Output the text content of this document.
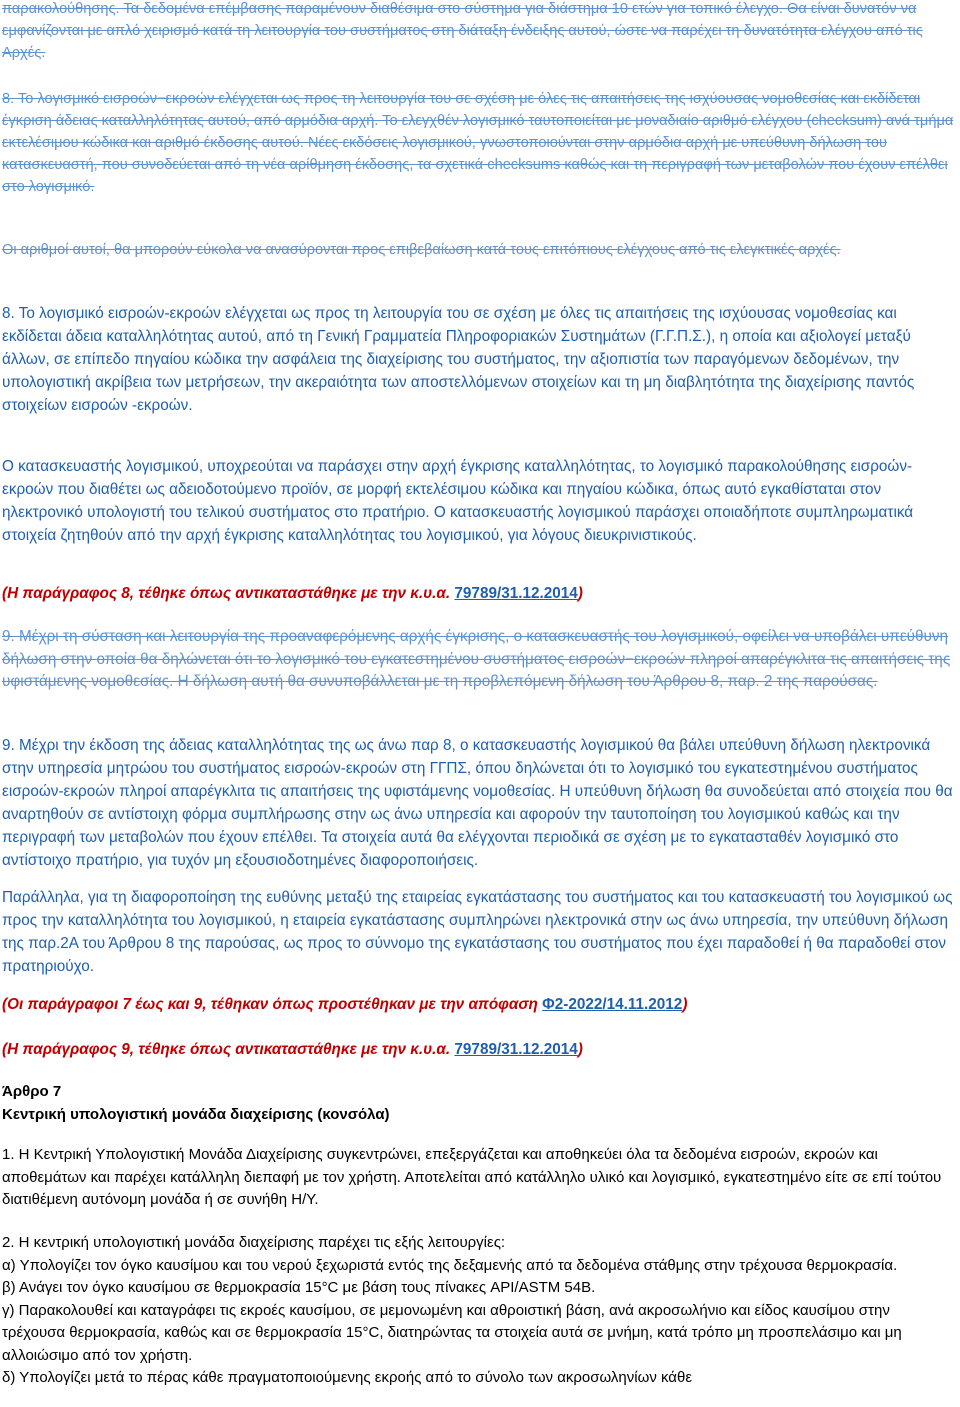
παρακολούθησης. Τα δεδομένα επέμβασης παραμένουν διαθέσιμα στο σύστημα για διάστημα 10 ετών για τοπικό έλεγχο. Θα είναι δυνατόν να εμφανίζονται με απλό χειρισμό κατά τη λειτουργία του συστήματος στη διάταξη ένδειξης αυτού, ώστε να παρέχει τη δυνατότητα ελέγχου από τις Αρχές.

8. Το λογισμικό εισροών−εκροών ελέγχεται ως προς τη λειτουργία του σε σχέση με όλες τις απαιτήσεις της ισχύουσας νομοθεσίας και εκδίδεται έγκριση άδειας καταλληλότητας αυτού, από αρμόδια αρχή. Το ελεγχθέν λογισμικό ταυτοποιείται με μοναδιαίο αριθμό ελέγχου (checksum) ανά τμήμα εκτελέσιμου κώδικα και αριθμό έκδοσης αυτού. Νέες εκδόσεις λογισμικού, γνωστοποιούνται στην αρμόδια αρχή με υπεύθυνη δήλωση του κατασκευαστή, που συνοδεύεται από τη νέα αρίθμηση έκδοσης, τα σχετικά checksums καθώς και τη περιγραφή των μεταβολών που έχουν επέλθει στο λογισμικό.

Οι αριθμοί αυτοί, θα μπορούν εύκολα να ανασύρονται προς επιβεβαίωση κατά τους επιτόπιους ελέγχους από τις ελεγκτικές αρχές.

8. Το λογισμικό εισροών-εκροών ελέγχεται ως προς τη λειτουργία του σε σχέση με όλες τις απαιτήσεις της ισχύουσας νομοθεσίας και εκδίδεται άδεια καταλληλότητας αυτού, από τη Γενική Γραμματεία Πληροφοριακών Συστημάτων (Γ.Γ.Π.Σ.), η οποία και αξιολογεί μεταξύ άλλων, σε επίπεδο πηγαίου κώδικα την ασφάλεια της διαχείρισης του συστήματος, την αξιοπιστία των παραγόμενων δεδομένων, την υπολογιστική ακρίβεια των μετρήσεων, την ακεραιότητα των αποστελλόμενων στοιχείων και τη μη διαβλητότητα της διαχείρισης παντός στοιχείων εισροών -εκροών.

Ο κατασκευαστής λογισμικού, υποχρεούται να παράσχει στην αρχή έγκρισης καταλληλότητας, το λογισμικό παρακολούθησης εισροών-εκροών που διαθέτει ως αδειοδοτούμενο προϊόν, σε μορφή εκτελέσιμου κώδικα και πηγαίου κώδικα, όπως αυτό εγκαθίσταται στον ηλεκτρονικό υπολογιστή του τελικού συστήματος στο πρατήριο. Ο κατασκευαστής λογισμικού παράσχει οποιαδήποτε συμπληρωματικά στοιχεία ζητηθούν από την αρχή έγκρισης καταλληλότητας του λογισμικού, για λόγους διευκρινιστικούς.

(Η παράγραφος 8, τέθηκε όπως αντικαταστάθηκε με την κ.υ.α. 79789/31.12.2014)

9. Μέχρι τη σύσταση και λειτουργία της προαναφερόμενης αρχής έγκρισης, ο κατασκευαστής του λογισμικού, οφείλει να υποβάλει υπεύθυνη δήλωση στην οποία θα δηλώνεται ότι το λογισμικό του εγκατεστημένου συστήματος εισροών−εκροών πληροί απαρέγκλιτα τις απαιτήσεις της υφιστάμενης νομοθεσίας. Η δήλωση αυτή θα συνυποβάλλεται με τη προβλεπόμενη δήλωση του Άρθρου 8, παρ. 2 της παρούσας.

9. Μέχρι την έκδοση της άδειας καταλληλότητας της ως άνω παρ 8, ο κατασκευαστής λογισμικού θα βάλει υπεύθυνη δήλωση ηλεκτρονικά στην υπηρεσία μητρώου του συστήματος εισροών-εκροών στη ΓΓΠΣ, όπου δηλώνεται ότι το λογισμικό του εγκατεστημένου συστήματος εισροών-εκροών πληροί απαρέγκλιτα τις απαιτήσεις της υφιστάμενης νομοθεσίας. Η υπεύθυνη δήλωση θα συνοδεύεται από στοιχεία που θα αναρτηθούν σε αντίστοιχη φόρμα συμπλήρωσης στην ως άνω υπηρεσία και αφορούν την ταυτοποίηση του λογισμικού καθώς και την περιγραφή των μεταβολών που έχουν επέλθει. Τα στοιχεία αυτά θα ελέγχονται περιοδικά σε σχέση με το εγκατασταθέν λογισμικό στο αντίστοιχο πρατήριο, για τυχόν μη εξουσιοδοτημένες διαφοροποιήσεις.

Παράλληλα, για τη διαφοροποίηση της ευθύνης μεταξύ της εταιρείας εγκατάστασης του συστήματος και του κατασκευαστή του λογισμικού ως προς την καταλληλότητα του λογισμικού, η εταιρεία εγκατάστασης συμπληρώνει ηλεκτρονικά στην ως άνω υπηρεσία, την υπεύθυνη δήλωση της παρ.2Α του Άρθρου 8 της παρούσας, ως προς το σύννομο της εγκατάστασης του συστήματος που έχει παραδοθεί ή θα παραδοθεί στον πρατηριούχο.

(Οι παράγραφοι 7 έως και 9, τέθηκαν όπως προστέθηκαν με την απόφαση Φ2-2022/14.11.2012)
(Η παράγραφος 9, τέθηκε όπως αντικαταστάθηκε με την κ.υ.α. 79789/31.12.2014)

Άρθρο 7

Κεντρική υπολογιστική μονάδα διαχείρισης (κονσόλα)

1. Η Κεντρική Υπολογιστική Μονάδα Διαχείρισης συγκεντρώνει, επεξεργάζεται και αποθηκεύει όλα τα δεδομένα εισροών, εκροών και αποθεμάτων και παρέχει κατάλληλη διεπαφή με τον χρήστη. Αποτελείται από κατάλληλο υλικό και λογισμικό, εγκατεστημένο είτε σε επί τούτου διατιθέμενη αυτόνομη μονάδα ή σε συνήθη Η/Υ.

2. Η κεντρική υπολογιστική μονάδα διαχείρισης παρέχει τις εξής λειτουργίες:

α) Υπολογίζει τον όγκο καυσίμου και του νερού ξεχωριστά εντός της δεξαμενής από τα δεδομένα στάθμης στην τρέχουσα θερμοκρασία.

β) Ανάγει τον όγκο καυσίμου σε θερμοκρασία 15°C με βάση τους πίνακες API/ASTM 54B.

γ) Παρακολουθεί και καταγράφει τις εκροές καυσίμου, σε μεμονωμένη και αθροιστική βάση, ανά ακροσωλήνιο και είδος καυσίμου στην τρέχουσα θερμοκρασία, καθώς και σε θερμοκρασία 15°C, διατηρώντας τα στοιχεία αυτά σε μνήμη, κατά τρόπο μη προσπελάσιμο και μη αλλοιώσιμο από τον χρήστη.

δ) Υπολογίζει μετά το πέρας κάθε πραγματοποιούμενης εκροής από το σύνολο των ακροσωληνίων κάθε
